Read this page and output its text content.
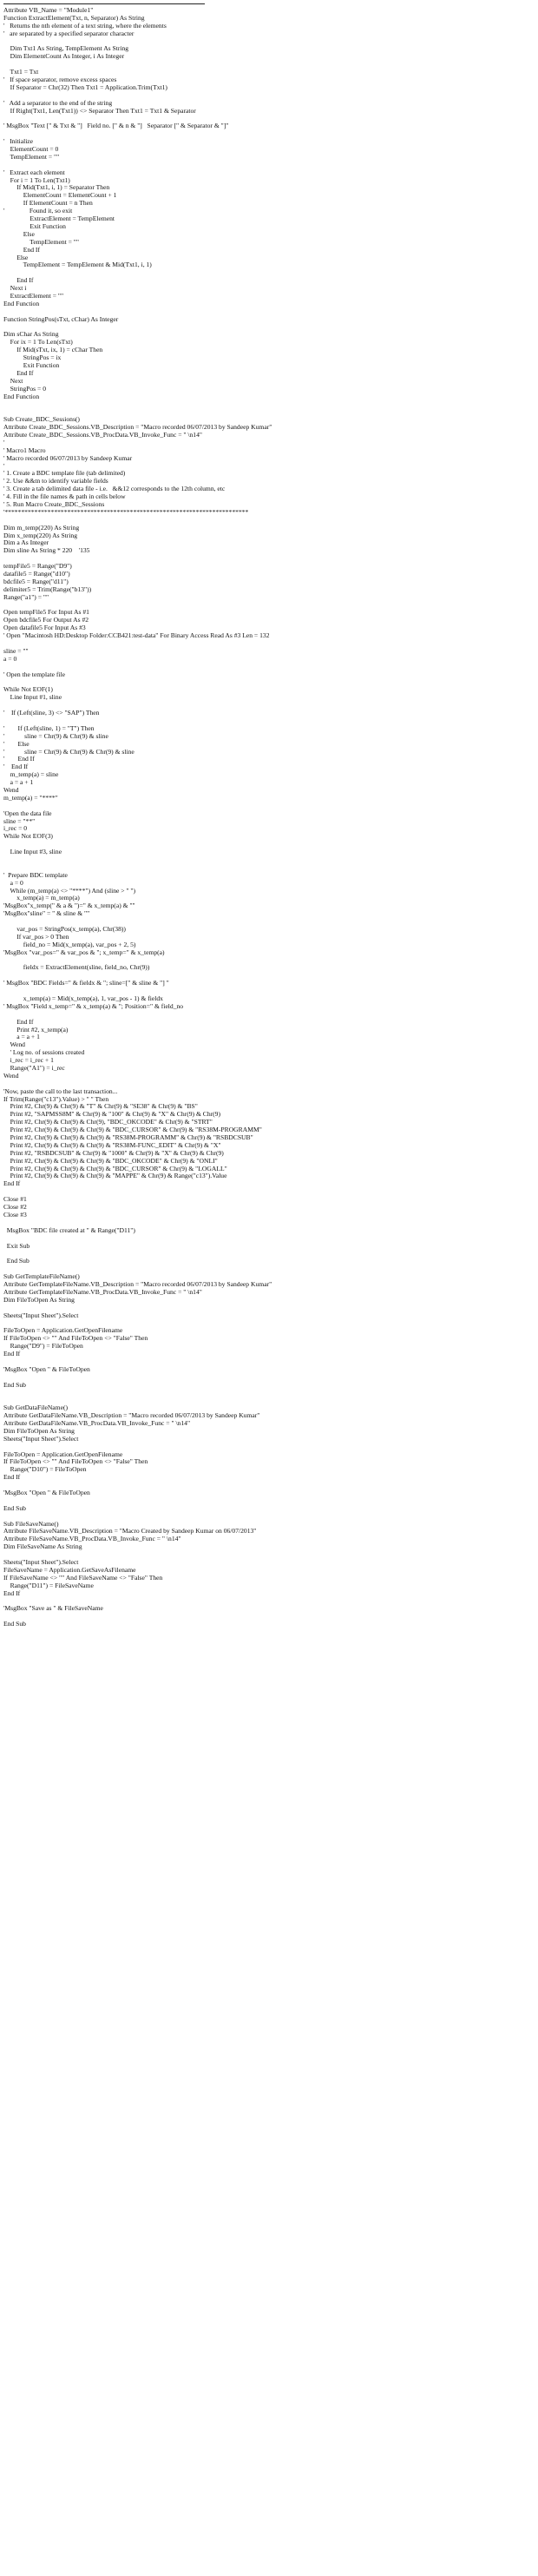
Attribute VB_Name = "Module1"
Function ExtractElement(Txt, n, Separator) As String
'   Returns the nth element of a text string, where the elements
'   are separated by a specified separator character
Dim Txt1 As String, TempElement As String
Dim ElementCount As Integer, i As Integer
Txt1 = Txt
'   If space separator, remove excess spaces
If Separator = Chr(32) Then Txt1 = Application.Trim(Txt1)
'   Add a separator to the end of the string
If Right(Txt1, Len(Txt1)) <> Separator Then Txt1 = Txt1 & Separator
' MsgBox "Text [" & Txt & "]   Field no. [" & n & "]   Separator [" & Separator & "]"
'   Initialize
ElementCount = 0
TempElement = ""
'   Extract each element
For i = 1 To Len(Txt1)
If Mid(Txt1, i, 1) = Separator Then
ElementCount = ElementCount + 1
If ElementCount = n Then
'               Found it, so exit
ExtractElement = TempElement
Exit Function
Else
TempElement = ""
End If
Else
TempElement = TempElement & Mid(Txt1, i, 1)
End If
Next i
ExtractElement = ""
End Function
Function StringPos(sTxt, cChar) As Integer
Dim sChar As String
For ix = 1 To Len(sTxt)
If Mid(sTxt, ix, 1) = cChar Then
StringPos = ix
Exit Function
End If
Next
StringPos = 0
End Function
Sub Create_BDC_Sessions()
Attribute Create_BDC_Sessions.VB_Description = "Macro recorded 06/07/2013 by Sandeep Kumar"
Attribute Create_BDC_Sessions.VB_ProcData.VB_Invoke_Func = " \n14"
'
' Macro1 Macro
' Macro recorded 06/07/2013 by Sandeep Kumar
'
' 1. Create a BDC template file (tab delimited)
' 2. Use &&tn to identify variable fields
' 3. Create a tab delimited data file - i.e.   &&12 corresponds to the 12th column, etc
' 4. Fill in the file names & path in cells below
' 5. Run Macro Create_BDC_Sessions
'**************************************************************************
Dim m_temp(220) As String
Dim x_temp(220) As String
Dim a As Integer
Dim sline As String * 220    '135
tempFile5 = Range("D9")
datafile5 = Range("d10")
bdcfile5 = Range("d11")
delimiter5 = Trim(Range("b13"))
Range("a1") = ""
Open tempFile5 For Input As #1
Open bdcfile5 For Output As #2
Open datafile5 For Input As #3
' Open "Macintosh HD:Desktop Folder:CCB421:test-data" For Binary Access Read As #3 Len = 132
sline = ""
a = 0
' Open the template file
While Not EOF(1)
Line Input #1, sline
'    If (Left(sline, 3) <> "SAP") Then
'        If (Left(sline, 1) = "T") Then
'            sline = Chr(9) & Chr(9) & sline
'        Else
'            sline = Chr(9) & Chr(9) & Chr(9) & sline
'        End If
'    End If
m_temp(a) = sline
a = a + 1
Wend
m_temp(a) = "****"
'Open the data file
sline = "**"
i_rec = 0
While Not EOF(3)
Line Input #3, sline
'  Prepare BDC template
a = 0
While (m_temp(a) <> "****") And (sline > " ")
x_temp(a) = m_temp(a)
'MsgBox"x_temp(" & a & ")=" & x_temp(a) & ""
'MsgBox"sline" = " & sline & ""
var_pos = StringPos(x_temp(a), Chr(38))
If var_pos > 0 Then
field_no = Mid(x_temp(a), var_pos + 2, 5)
'MsgBox "var_pos=" & var_pos & "; x_temp=" & x_temp(a)
fieldx = ExtractElement(sline, field_no, Chr(9))
' MsgBox "BDC Fields=" & fieldx & "; sline=[" & sline & "] "
x_temp(a) = Mid(x_temp(a), 1, var_pos - 1) & fieldx
' MsgBox "Field x_temp=" & x_temp(a) & "; Position=" & field_no
End If
Print #2, x_temp(a)
a = a + 1
Wend
' Log no. of sessions created
i_rec = i_rec + 1
Range("A1") = i_rec
Wend
'Now, paste the call to the last transaction...
If Trim(Range("c13").Value) > " " Then
Print #2, Chr(9) & Chr(9) & "T" & Chr(9) & "SE38" & Chr(9) & "BS"
Print #2, "SAPMSS8M" & Chr(9) & "100" & Chr(9) & "X" & Chr(9) & Chr(9)
Print #2, Chr(9) & Chr(9) & Chr(9), "BDC_OKCODE" & Chr(9) & "STRT"
Print #2, Chr(9) & Chr(9) & Chr(9) & "BDC_CURSOR" & Chr(9) & "RS38M-PROGRAMM"
Print #2, Chr(9) & Chr(9) & Chr(9) & "RS38M-PROGRAMM" & Chr(9) & "RSBDCSUB"
Print #2, Chr(9) & Chr(9) & Chr(9) & "RS38M-FUNC_EDIT" & Chr(9) & "X"
Print #2, "RSBDCSUB" & Chr(9) & "1000" & Chr(9) & "X" & Chr(9) & Chr(9)
Print #2, Chr(9) & Chr(9) & Chr(9) & "BDC_OKCODE" & Chr(9) & "ONLI"
Print #2, Chr(9) & Chr(9) & Chr(9) & "BDC_CURSOR" & Chr(9) & "LOGALL"
Print #2, Chr(9) & Chr(9) & Chr(9) & "MAPPE" & Chr(9) & Range("c13").Value
End If
Close #1
Close #2
Close #3
MsgBox "BDC file created at " & Range("D11")
Exit Sub
End Sub
Sub GetTemplateFileName()
Attribute GetTemplateFileName.VB_Description = "Macro recorded 06/07/2013 by Sandeep Kumar"
Attribute GetTemplateFileName.VB_ProcData.VB_Invoke_Func = " \n14"
Dim FileToOpen As String
Sheets("Input Sheet").Select
FileToOpen = Application.GetOpenFilename
If FileToOpen <> "" And FileToOpen <> "False" Then
Range("D9") = FileToOpen
End If
'MsgBox "Open " & FileToOpen
End Sub
Sub GetDataFileName()
Attribute GetDataFileName.VB_Description = "Macro recorded 06/07/2013 by Sandeep Kumar"
Attribute GetDataFileName.VB_ProcData.VB_Invoke_Func = " \n14"
Dim FileToOpen As String
Sheets("Input Sheet").Select
FileToOpen = Application.GetOpenFilename
If FileToOpen <> "" And FileToOpen <> "False" Then
Range("D10") = FileToOpen
End If
'MsgBox "Open " & FileToOpen
End Sub
Sub FileSaveName()
Attribute FileSaveName.VB_Description = "Macro Created by Sandeep Kumar on 06/07/2013"
Attribute FileSaveName.VB_ProcData.VB_Invoke_Func = " \n14"
Dim FileSaveName As String
Sheets("Input Sheet").Select
FileSaveName = Application.GetSaveAsFilename
If FileSaveName <> "" And FileSaveName <> "False" Then
Range("D11") = FileSaveName
End If
'MsgBox "Save as " & FileSaveName
End Sub
